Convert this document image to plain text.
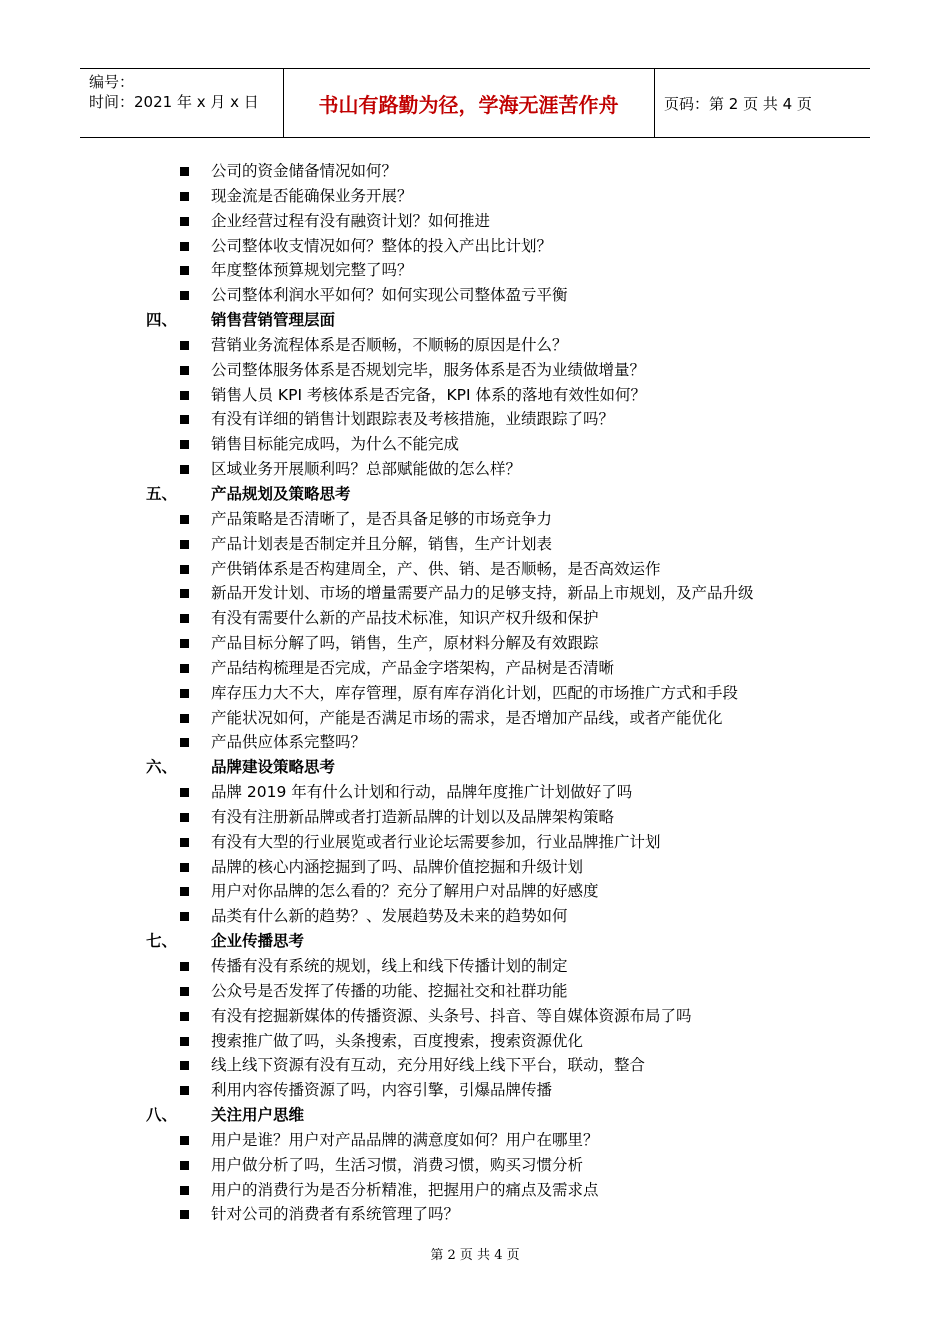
编号：
时间：2021 年 x 月 x 日	书山有路勤为径，学海无涯苦作舟	页码：第 2 页 共 4 页
公司的资金储备情况如何？
现金流是否能确保业务开展？
企业经营过程有没有融资计划？如何推进
公司整体收支情况如何？整体的投入产出比计划？
年度整体预算规划完整了吗？
公司整体利润水平如何？如何实现公司整体盈亏平衡
四、 销售营销管理层面
营销业务流程体系是否顺畅，不顺畅的原因是什么？
公司整体服务体系是否规划完毕，服务体系是否为业绩做增量？
销售人员 KPI 考核体系是否完备，KPI 体系的落地有效性如何？
有没有详细的销售计划跟踪表及考核措施，业绩跟踪了吗？
销售目标能完成吗，为什么不能完成
区域业务开展顺利吗？总部赋能做的怎么样？
五、 产品规划及策略思考
产品策略是否清晰了，是否具备足够的市场竞争力
产品计划表是否制定并且分解，销售，生产计划表
产供销体系是否构建周全，产、供、销、是否顺畅，是否高效运作
新品开发计划、市场的增量需要产品力的足够支持，新品上市规划，及产品升级
有没有需要什么新的产品技术标准，知识产权升级和保护
产品目标分解了吗，销售，生产，原材料分解及有效跟踪
产品结构梳理是否完成，产品金字塔架构，产品树是否清晰
库存压力大不大，库存管理，原有库存消化计划，匹配的市场推广方式和手段
产能状况如何，产能是否满足市场的需求，是否增加产品线，或者产能优化
产品供应体系完整吗？
六、 品牌建设策略思考
品牌 2019 年有什么计划和行动，品牌年度推广计划做好了吗
有没有注册新品牌或者打造新品牌的计划以及品牌架构策略
有没有大型的行业展览或者行业论坛需要参加，行业品牌推广计划
品牌的核心内涵挖掘到了吗、品牌价值挖掘和升级计划
用户对你品牌的怎么看的？充分了解用户对品牌的好感度
品类有什么新的趋势？、发展趋势及未来的趋势如何
七、 企业传播思考
传播有没有系统的规划，线上和线下传播计划的制定
公众号是否发挥了传播的功能、挖掘社交和社群功能
有没有挖掘新媒体的传播资源、头条号、抖音、等自媒体资源布局了吗
搜索推广做了吗，头条搜索，百度搜索，搜索资源优化
线上线下资源有没有互动，充分用好线上线下平台，联动，整合
利用内容传播资源了吗，内容引擎，引爆品牌传播
八、 关注用户思维
用户是谁？用户对产品品牌的满意度如何？用户在哪里？
用户做分析了吗，生活习惯，消费习惯，购买习惯分析
用户的消费行为是否分析精准，把握用户的痛点及需求点
针对公司的消费者有系统管理了吗？
第 2 页 共 4 页
